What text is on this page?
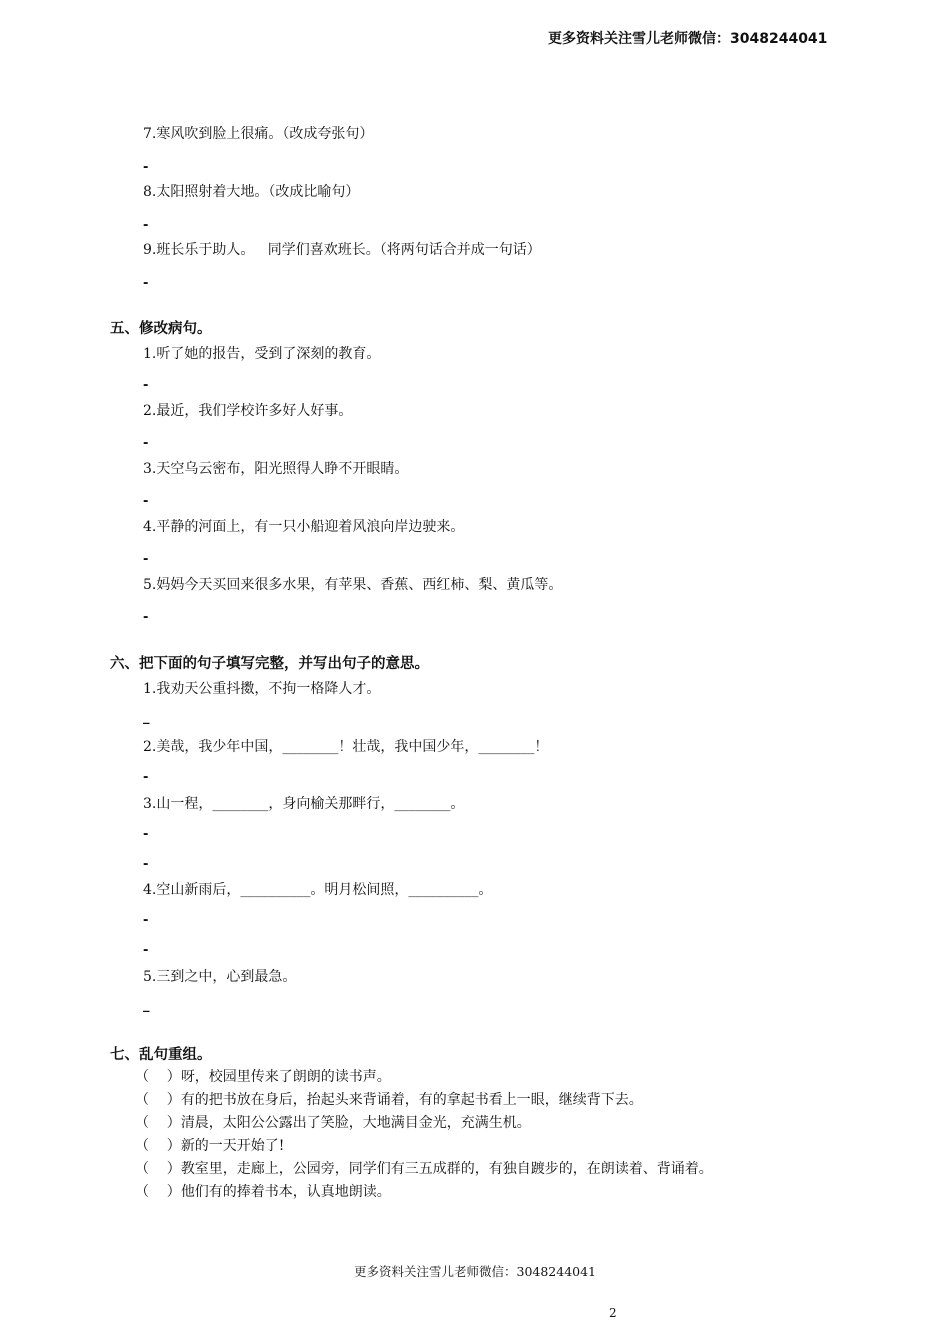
更多资料关注雪儿老师微信：3048244041
7.寒风吹到脸上很痛。（改成夸张句）
-
8.太阳照射着大地。（改成比喻句）
-
9.班长乐于助人。   同学们喜欢班长。（将两句话合并成一句话）
-
五、修改病句。
1.听了她的报告，受到了深刻的教育。
-
2.最近，我们学校许多好人好事。
-
3.天空乌云密布，阳光照得人睁不开眼睛。
-
4.平静的河面上，有一只小船迎着风浪向岸边驶来。
-
5.妈妈今天买回来很多水果，有苹果、香蕉、西红柿、梨、黄瓜等。
-
六、把下面的句子填写完整，并写出句子的意思。
1.我劝天公重抖擞，不拘一格降人才。
_
2.美哉，我少年中国，________！壮哉，我中国少年，________！
-
3.山一程，________，身向榆关那畔行，________。
-
-
4.空山新雨后，__________。明月松间照，__________。
-
-
5.三到之中，心到最急。
_
七、乱句重组。
（    ）呀，校园里传来了朗朗的读书声。
（    ）有的把书放在身后，抬起头来背诵着，有的拿起书看上一眼，继续背下去。
（    ）清晨，太阳公公露出了笑脸，大地满目金光，充满生机。
（    ）新的一天开始了!
（    ）教室里，走廊上，公园旁，同学们有三五成群的，有独自踱步的，在朗读着、背诵着。
（    ）他们有的捧着书本，认真地朗读。
更多资料关注雪儿老师微信：3048244041
2
